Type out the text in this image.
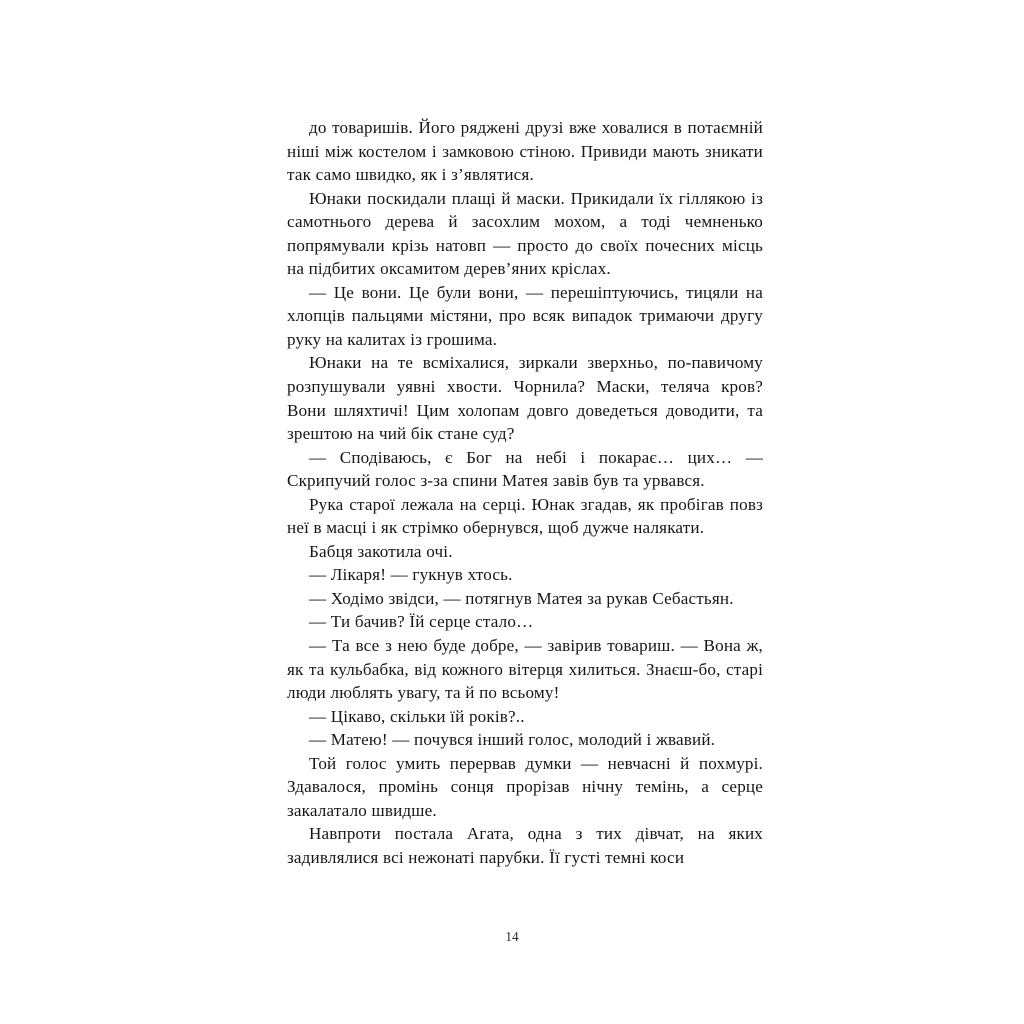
до товаришів. Його ряджені друзі вже ховалися в потаємній ніші між костелом і замковою стіною. Привиди мають зникати так само швидко, як і з’являтися.

Юнаки поскидали плащі й маски. Прикидали їх гіллякою із самотнього дерева й засохлим мохом, а тоді чемненько попрямували крізь натовп — просто до своїх почесних місць на підбитих оксамитом дерев’яних кріслах.

— Це вони. Це були вони, — перешіптуючись, тицяли на хлопців пальцями містяни, про всяк випадок тримаючи другу руку на калитах із грошима.

Юнаки на те всміхалися, зиркали зверхньо, по-павичому розпушували уявні хвости. Чорнила? Маски, теляча кров? Вони шляхтичі! Цим холопам довго доведеться доводити, та зрештою на чий бік стане суд?

— Сподіваюсь, є Бог на небі і покарає… цих… — Скрипучий голос з-за спини Матея завів був та урвався.

Рука старої лежала на серці. Юнак згадав, як пробігав повз неї в масці і як стрімко обернувся, щоб дужче налякати.

Бабця закотила очі.

— Лікаря! — гукнув хтось.

— Ходімо звідси, — потягнув Матея за рукав Себастьян.

— Ти бачив? Їй серце стало…

— Та все з нею буде добре, — завірив товариш. — Вона ж, як та кульбабка, від кожного вітерця хилиться. Знаєш-бо, старі люди люблять увагу, та й по всьому!

— Цікаво, скільки їй років?..

— Матею! — почувся інший голос, молодий і жвавий.

Той голос умить перервав думки — невчасні й похмурі. Здавалося, промінь сонця прорізав нічну темінь, а серце закалатало швидше.

Навпроти постала Агата, одна з тих дівчат, на яких задивлялися всі нежонаті парубки. Її густі темні коси

14
